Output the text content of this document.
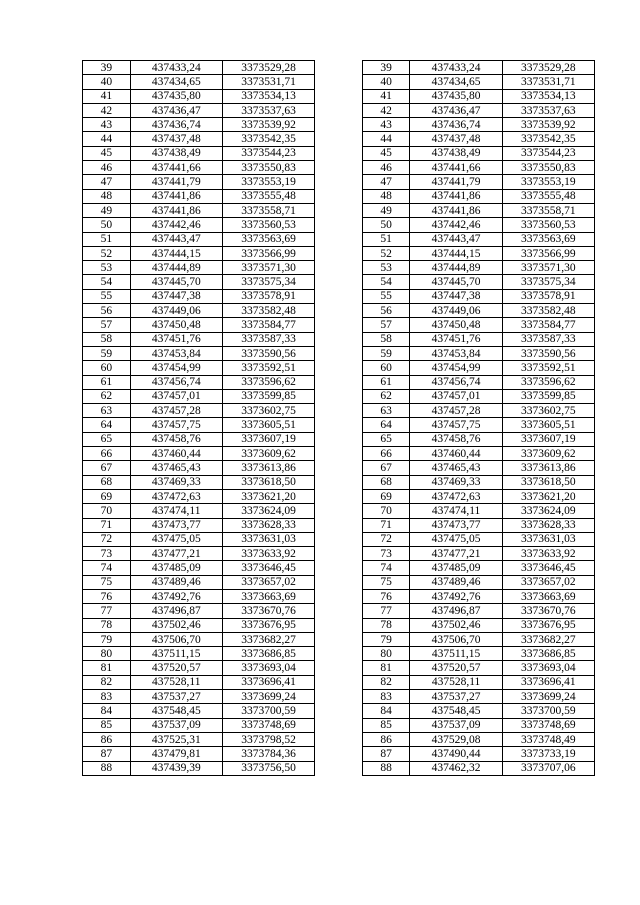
39	437433,24	3373529,28		39	437433,24	3373529,28
40	437434,65	3373531,71		40	437434,65	3373531,71
41	437435,80	3373534,13		41	437435,80	3373534,13
42	437436,47	3373537,63		42	437436,47	3373537,63
43	437436,74	3373539,92		43	437436,74	3373539,92
44	437437,48	3373542,35		44	437437,48	3373542,35
45	437438,49	3373544,23		45	437438,49	3373544,23
46	437441,66	3373550,83		46	437441,66	3373550,83
47	437441,79	3373553,19		47	437441,79	3373553,19
48	437441,86	3373555,48		48	437441,86	3373555,48
49	437441,86	3373558,71		49	437441,86	3373558,71
50	437442,46	3373560,53		50	437442,46	3373560,53
51	437443,47	3373563,69		51	437443,47	3373563,69
52	437444,15	3373566,99		52	437444,15	3373566,99
53	437444,89	3373571,30		53	437444,89	3373571,30
54	437445,70	3373575,34		54	437445,70	3373575,34
55	437447,38	3373578,91		55	437447,38	3373578,91
56	437449,06	3373582,48		56	437449,06	3373582,48
57	437450,48	3373584,77		57	437450,48	3373584,77
58	437451,76	3373587,33		58	437451,76	3373587,33
59	437453,84	3373590,56		59	437453,84	3373590,56
60	437454,99	3373592,51		60	437454,99	3373592,51
61	437456,74	3373596,62		61	437456,74	3373596,62
62	437457,01	3373599,85		62	437457,01	3373599,85
63	437457,28	3373602,75		63	437457,28	3373602,75
64	437457,75	3373605,51		64	437457,75	3373605,51
65	437458,76	3373607,19		65	437458,76	3373607,19
66	437460,44	3373609,62		66	437460,44	3373609,62
67	437465,43	3373613,86		67	437465,43	3373613,86
68	437469,33	3373618,50		68	437469,33	3373618,50
69	437472,63	3373621,20		69	437472,63	3373621,20
70	437474,11	3373624,09		70	437474,11	3373624,09
71	437473,77	3373628,33		71	437473,77	3373628,33
72	437475,05	3373631,03		72	437475,05	3373631,03
73	437477,21	3373633,92		73	437477,21	3373633,92
74	437485,09	3373646,45		74	437485,09	3373646,45
75	437489,46	3373657,02		75	437489,46	3373657,02
76	437492,76	3373663,69		76	437492,76	3373663,69
77	437496,87	3373670,76		77	437496,87	3373670,76
78	437502,46	3373676,95		78	437502,46	3373676,95
79	437506,70	3373682,27		79	437506,70	3373682,27
80	437511,15	3373686,85		80	437511,15	3373686,85
81	437520,57	3373693,04		81	437520,57	3373693,04
82	437528,11	3373696,41		82	437528,11	3373696,41
83	437537,27	3373699,24		83	437537,27	3373699,24
84	437548,45	3373700,59		84	437548,45	3373700,59
85	437537,09	3373748,69		85	437537,09	3373748,69
86	437525,31	3373798,52		86	437529,08	3373748,49
87	437479,81	3373784,36		87	437490,44	3373733,19
88	437439,39	3373756,50		88	437462,32	3373707,06
